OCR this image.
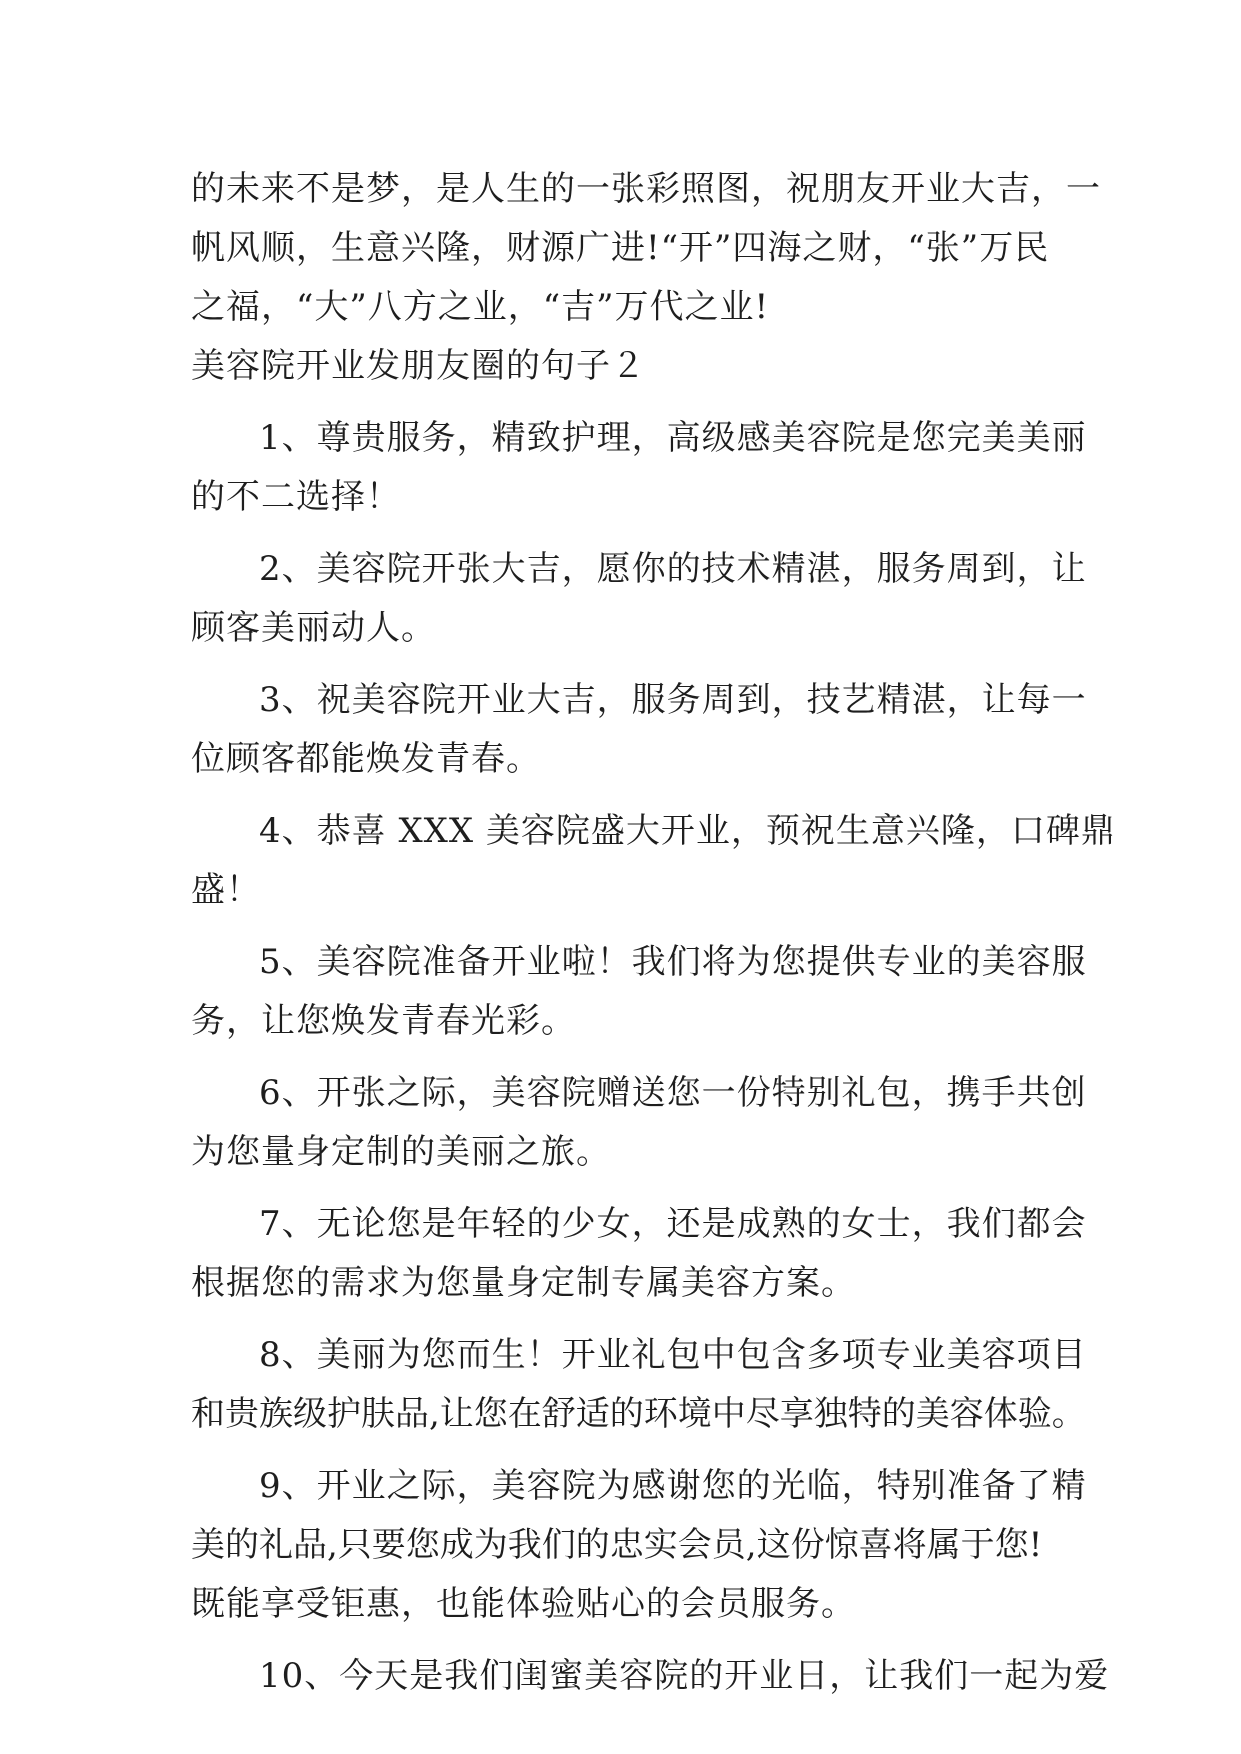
的未来不是梦，是人生的一张彩照图，祝朋友开业大吉，一
帆风顺，生意兴隆，财源广进!“开”四海之财，“张”万民
之福，“大”八方之业，“吉”万代之业!

美容院开业发朋友圈的句子２

1、尊贵服务，精致护理，高级感美容院是您完美美丽
的不二选择！

2、美容院开张大吉，愿你的技术精湛，服务周到，让
顾客美丽动人。

3、祝美容院开业大吉，服务周到，技艺精湛，让每一
位顾客都能焕发青春。

4、恭喜 XXX 美容院盛大开业，预祝生意兴隆，口碑鼎
盛！

5、美容院准备开业啦！我们将为您提供专业的美容服
务，让您焕发青春光彩。

6、开张之际，美容院赠送您一份特别礼包，携手共创
为您量身定制的美丽之旅。

7、无论您是年轻的少女，还是成熟的女士，我们都会
根据您的需求为您量身定制专属美容方案。

8、美丽为您而生！开业礼包中包含多项专业美容项目
和贵族级护肤品,让您在舒适的环境中尽享独特的美容体验。

9、开业之际，美容院为感谢您的光临，特别准备了精
美的礼品,只要您成为我们的忠实会员,这份惊喜将属于您!
既能享受钜惠，也能体验贴心的会员服务。

10、今天是我们闺蜜美容院的开业日，让我们一起为爱
